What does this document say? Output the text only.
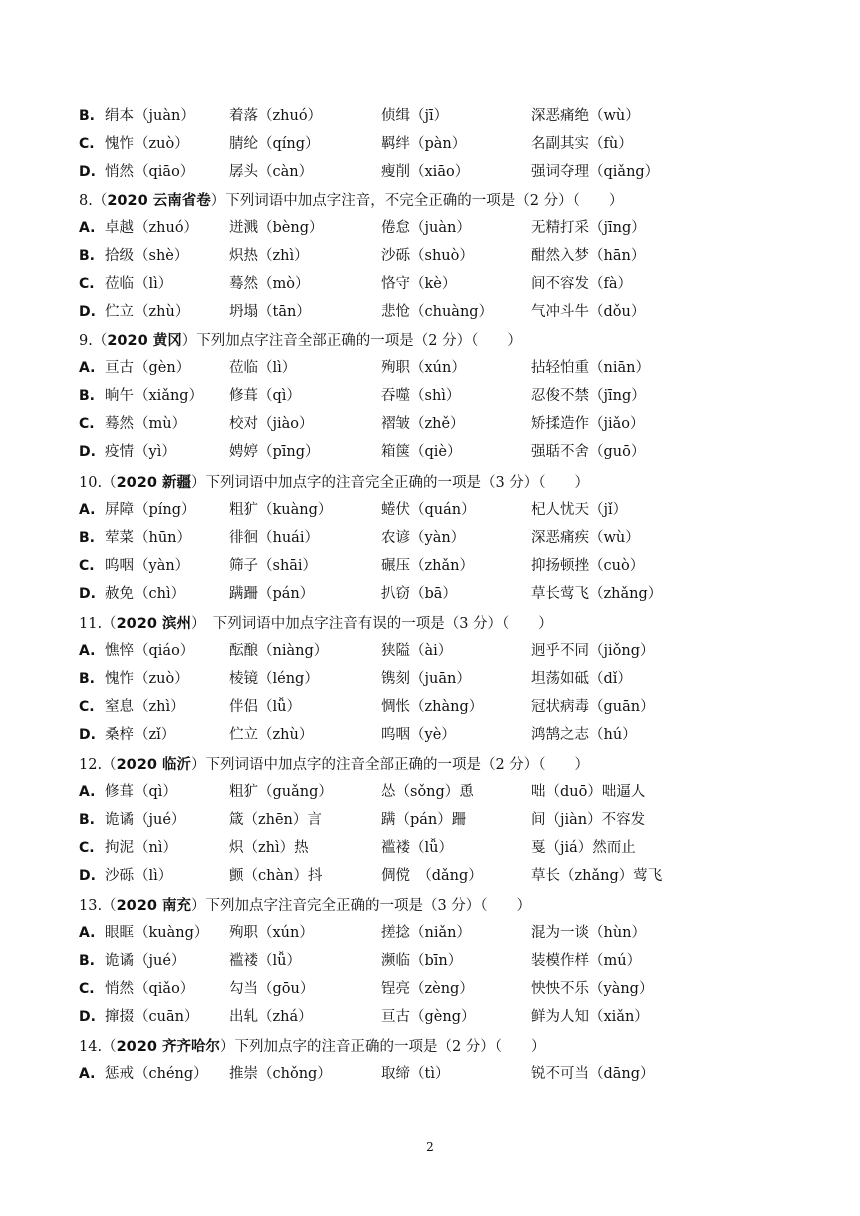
B. 绢本（juàn） 着落（zhuó）	侦缉（jī）	深恶痛绝（wù）
C. 愧怍（zuò）	腈纶（qíng）	羁绊（pàn）	名副其实（fù）
D. 悄然（qiāo） 孱头（càn）	瘦削（xiāo）	强词夺理（qiǎng）
8.（2020 云南省卷）下列词语中加点字注音，不完全正确的一项是（2 分）（　　）
A. 卓越（zhuó） 迸溅（bèng）	倦怠（juàn）	无精打采（jīng）
B. 拾级（shè）	炽热（zhì）	沙砾（shuò）	酣然入梦（hān）
C. 莅临（lì）	蓦然（mò）	恪守（kè）	间不容发（fà）
D. 伫立（zhù）	坍塌（tān）	悲怆（chuàng）	气冲斗牛（dǒu）
9.（2020 黄冈）下列加点字注音全部正确的一项是（2 分）（　　）
A. 亘古（gèn）	莅临（lì）	殉职（xún）	拈轻怕重（niān）
B. 晌午（xiǎng） 修葺（qì）	吞噬（shì）	忍俊不禁（jīng）
C. 蓦然（mù）	校对（jiào）	褶皱（zhě）	矫揉造作（jiǎo）
D. 疫情（yì）	娉婷（pīng）	箱箧（qiè）	强聒不舍（guō）
10.（2020 新疆）下列词语中加点字的注音完全正确的一项是（3 分）（　　）
A. 屏障（píng） 粗犷（kuàng）	蜷伏（quán）	杞人忧天（jǐ）
B. 荤菜（hūn）	徘徊（huái）	农谚（yàn）	深恶痛疾（wù）
C. 呜咽（yàn）	筛子（shāi）	碾压（zhǎn）	抑扬顿挫（cuò）
D. 赦免（chì）	蹒跚（pán）	扒窃（bā）	草长莺飞（zhǎng）
11.（2020 滨州）　下列词语中加点字注音有误的一项是（3 分）（　　）
A. 憔悴（qiáo） 酝酿（niàng）	狭隘（ài）	迥乎不同（jiǒng）
B. 愧怍（zuò）	棱镜（léng）	镌刻（juān）	坦荡如砥（dǐ）
C. 窒息（zhì）	伴侣（lǚ）	惆怅（zhàng）	冠状病毒（guān）
D. 桑梓（zǐ）	伫立（zhù）	呜咽（yè）	鸿鹄之志（hú）
12.（2020 临沂）下列词语中加点字的注音全部正确的一项是（2 分）（　　）
A. 修葺（qì）	粗犷（guǎng）	怂（sǒng）恿	咄（duō）咄逼人
B. 诡谲（jué）	箴（zhēn）言	蹒（pán）跚	间（jiàn）不容发
C. 拘泥（nì）	炽（zhì）热	褴褛（lǚ）	戛（jiá）然而止
D. 沙砾（lì）	颤（chàn）抖	倜傥　（dǎng）	草长（zhǎng）莺飞
13.（2020 南充）下列加点字注音完全正确的一项是（3 分）（　　）
A. 眼眶（kuàng） 殉职（xún）	搓捻（niǎn）	混为一谈（hùn）
B. 诡谲（jué）	褴褛（lǚ）	濒临（bīn）	装模作样（mú）
C. 悄然（qiǎo） 勾当（gōu）	锃亮（zèng）	怏怏不乐（yàng）
D. 撺掇（cuān） 出轧（zhá）	亘古（gèng）	鲜为人知（xiǎn）
14.（2020 齐齐哈尔）下列加点字的注音正确的一项是（2 分）（　　）
A. 惩戒（chéng） 推崇（chǒng）	取缔（tì）	锐不可当（dāng）
2
